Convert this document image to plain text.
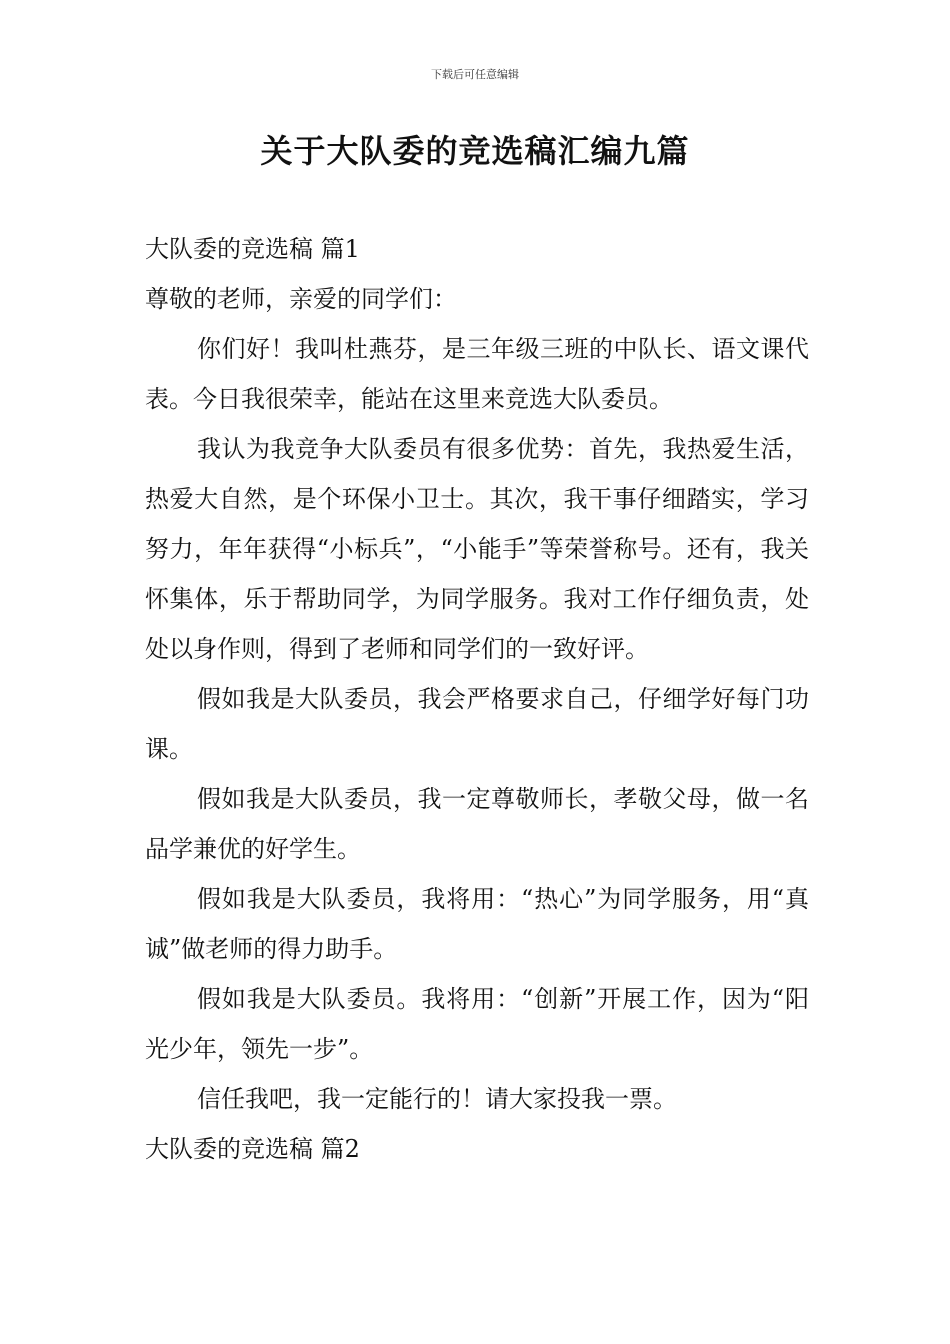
下载后可任意编辑
关于大队委的竞选稿汇编九篇

大队委的竞选稿 篇1

尊敬的老师，亲爱的同学们：

你们好！我叫杜燕芬，是三年级三班的中队长、语文课代表。今日我很荣幸，能站在这里来竞选大队委员。

我认为我竞争大队委员有很多优势：首先，我热爱生活，热爱大自然，是个环保小卫士。其次，我干事仔细踏实，学习努力，年年获得“小标兵”，“小能手”等荣誉称号。还有，我关怀集体，乐于帮助同学，为同学服务。我对工作仔细负责，处处以身作则，得到了老师和同学们的一致好评。

假如我是大队委员，我会严格要求自己，仔细学好每门功课。

假如我是大队委员，我一定尊敬师长，孝敬父母，做一名品学兼优的好学生。

假如我是大队委员，我将用：“热心”为同学服务，用“真诚”做老师的得力助手。

假如我是大队委员。我将用：“创新”开展工作，因为“阳光少年，领先一步”。

信任我吧，我一定能行的！请大家投我一票。

大队委的竞选稿 篇2
